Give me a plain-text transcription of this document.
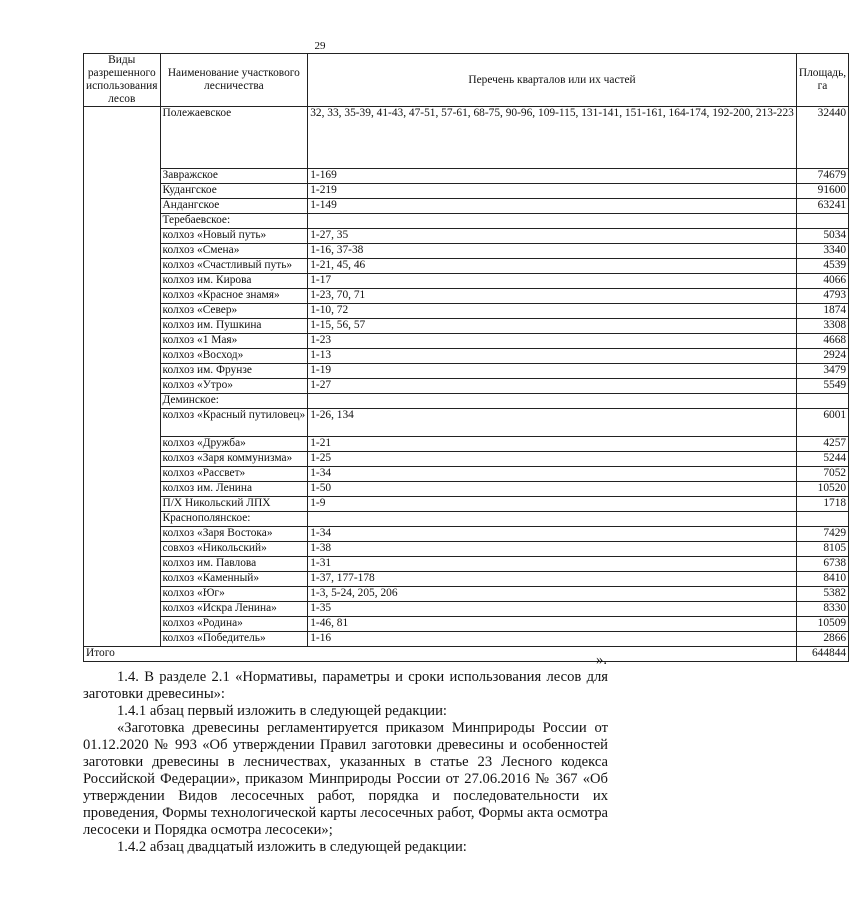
29
Виды разрешенного использования лесов	Наименование участкового лесничества	Перечень кварталов или их частей	Площадь, га
	Полежаевское	32, 33, 35-39, 41-43, 47-51, 57-61, 68-75, 90-96, 109-115, 131-141, 151-161, 164-174, 192-200, 213-223	32440
	Завражское	1-169	74679
	Кудангское	1-219	91600
	Андангское	1-149	63241
	Теребаевское:		
	колхоз «Новый путь»	1-27, 35	5034
	колхоз «Смена»	1-16, 37-38	3340
	колхоз «Счастливый путь»	1-21, 45, 46	4539
	колхоз им. Кирова	1-17	4066
	колхоз «Красное знамя»	1-23, 70, 71	4793
	колхоз «Север»	1-10, 72	1874
	колхоз им. Пушкина	1-15, 56, 57	3308
	колхоз «1 Мая»	1-23	4668
	колхоз «Восход»	1-13	2924
	колхоз им. Фрунзе	1-19	3479
	колхоз «Утро»	1-27	5549
	Деминское:		
	колхоз «Красный путиловец»	1-26, 134	6001
	колхоз «Дружба»	1-21	4257
	колхоз «Заря коммунизма»	1-25	5244
	колхоз «Рассвет»	1-34	7052
	колхоз им. Ленина	1-50	10520
	П/Х Никольский ЛПХ	1-9	1718
	Краснополянское:		
	колхоз «Заря Востока»	1-34	7429
	совхоз «Никольский»	1-38	8105
	колхоз им. Павлова	1-31	6738
	колхоз «Каменный»	1-37, 177-178	8410
	колхоз «Юг»	1-3, 5-24, 205, 206	5382
	колхоз «Искра Ленина»	1-35	8330
	колхоз «Родина»	1-46, 81	10509
	колхоз «Победитель»	1-16	2866
Итого			644844
».
1.4. В разделе 2.1 «Нормативы, параметры и сроки использования лесов для заготовки древесины»:
1.4.1 абзац первый изложить в следующей редакции:
«Заготовка древесины регламентируется приказом Минприроды России от 01.12.2020 № 993 «Об утверждении Правил заготовки древесины и особенностей заготовки древесины в лесничествах, указанных в статье 23 Лесного кодекса Российской Федерации», приказом Минприроды России от 27.06.2016 № 367 «Об утверждении Видов лесосечных работ, порядка и последовательности их проведения, Формы технологической карты лесосечных работ, Формы акта осмотра лесосеки и Порядка осмотра лесосеки»;
1.4.2 абзац двадцатый изложить в следующей редакции:
